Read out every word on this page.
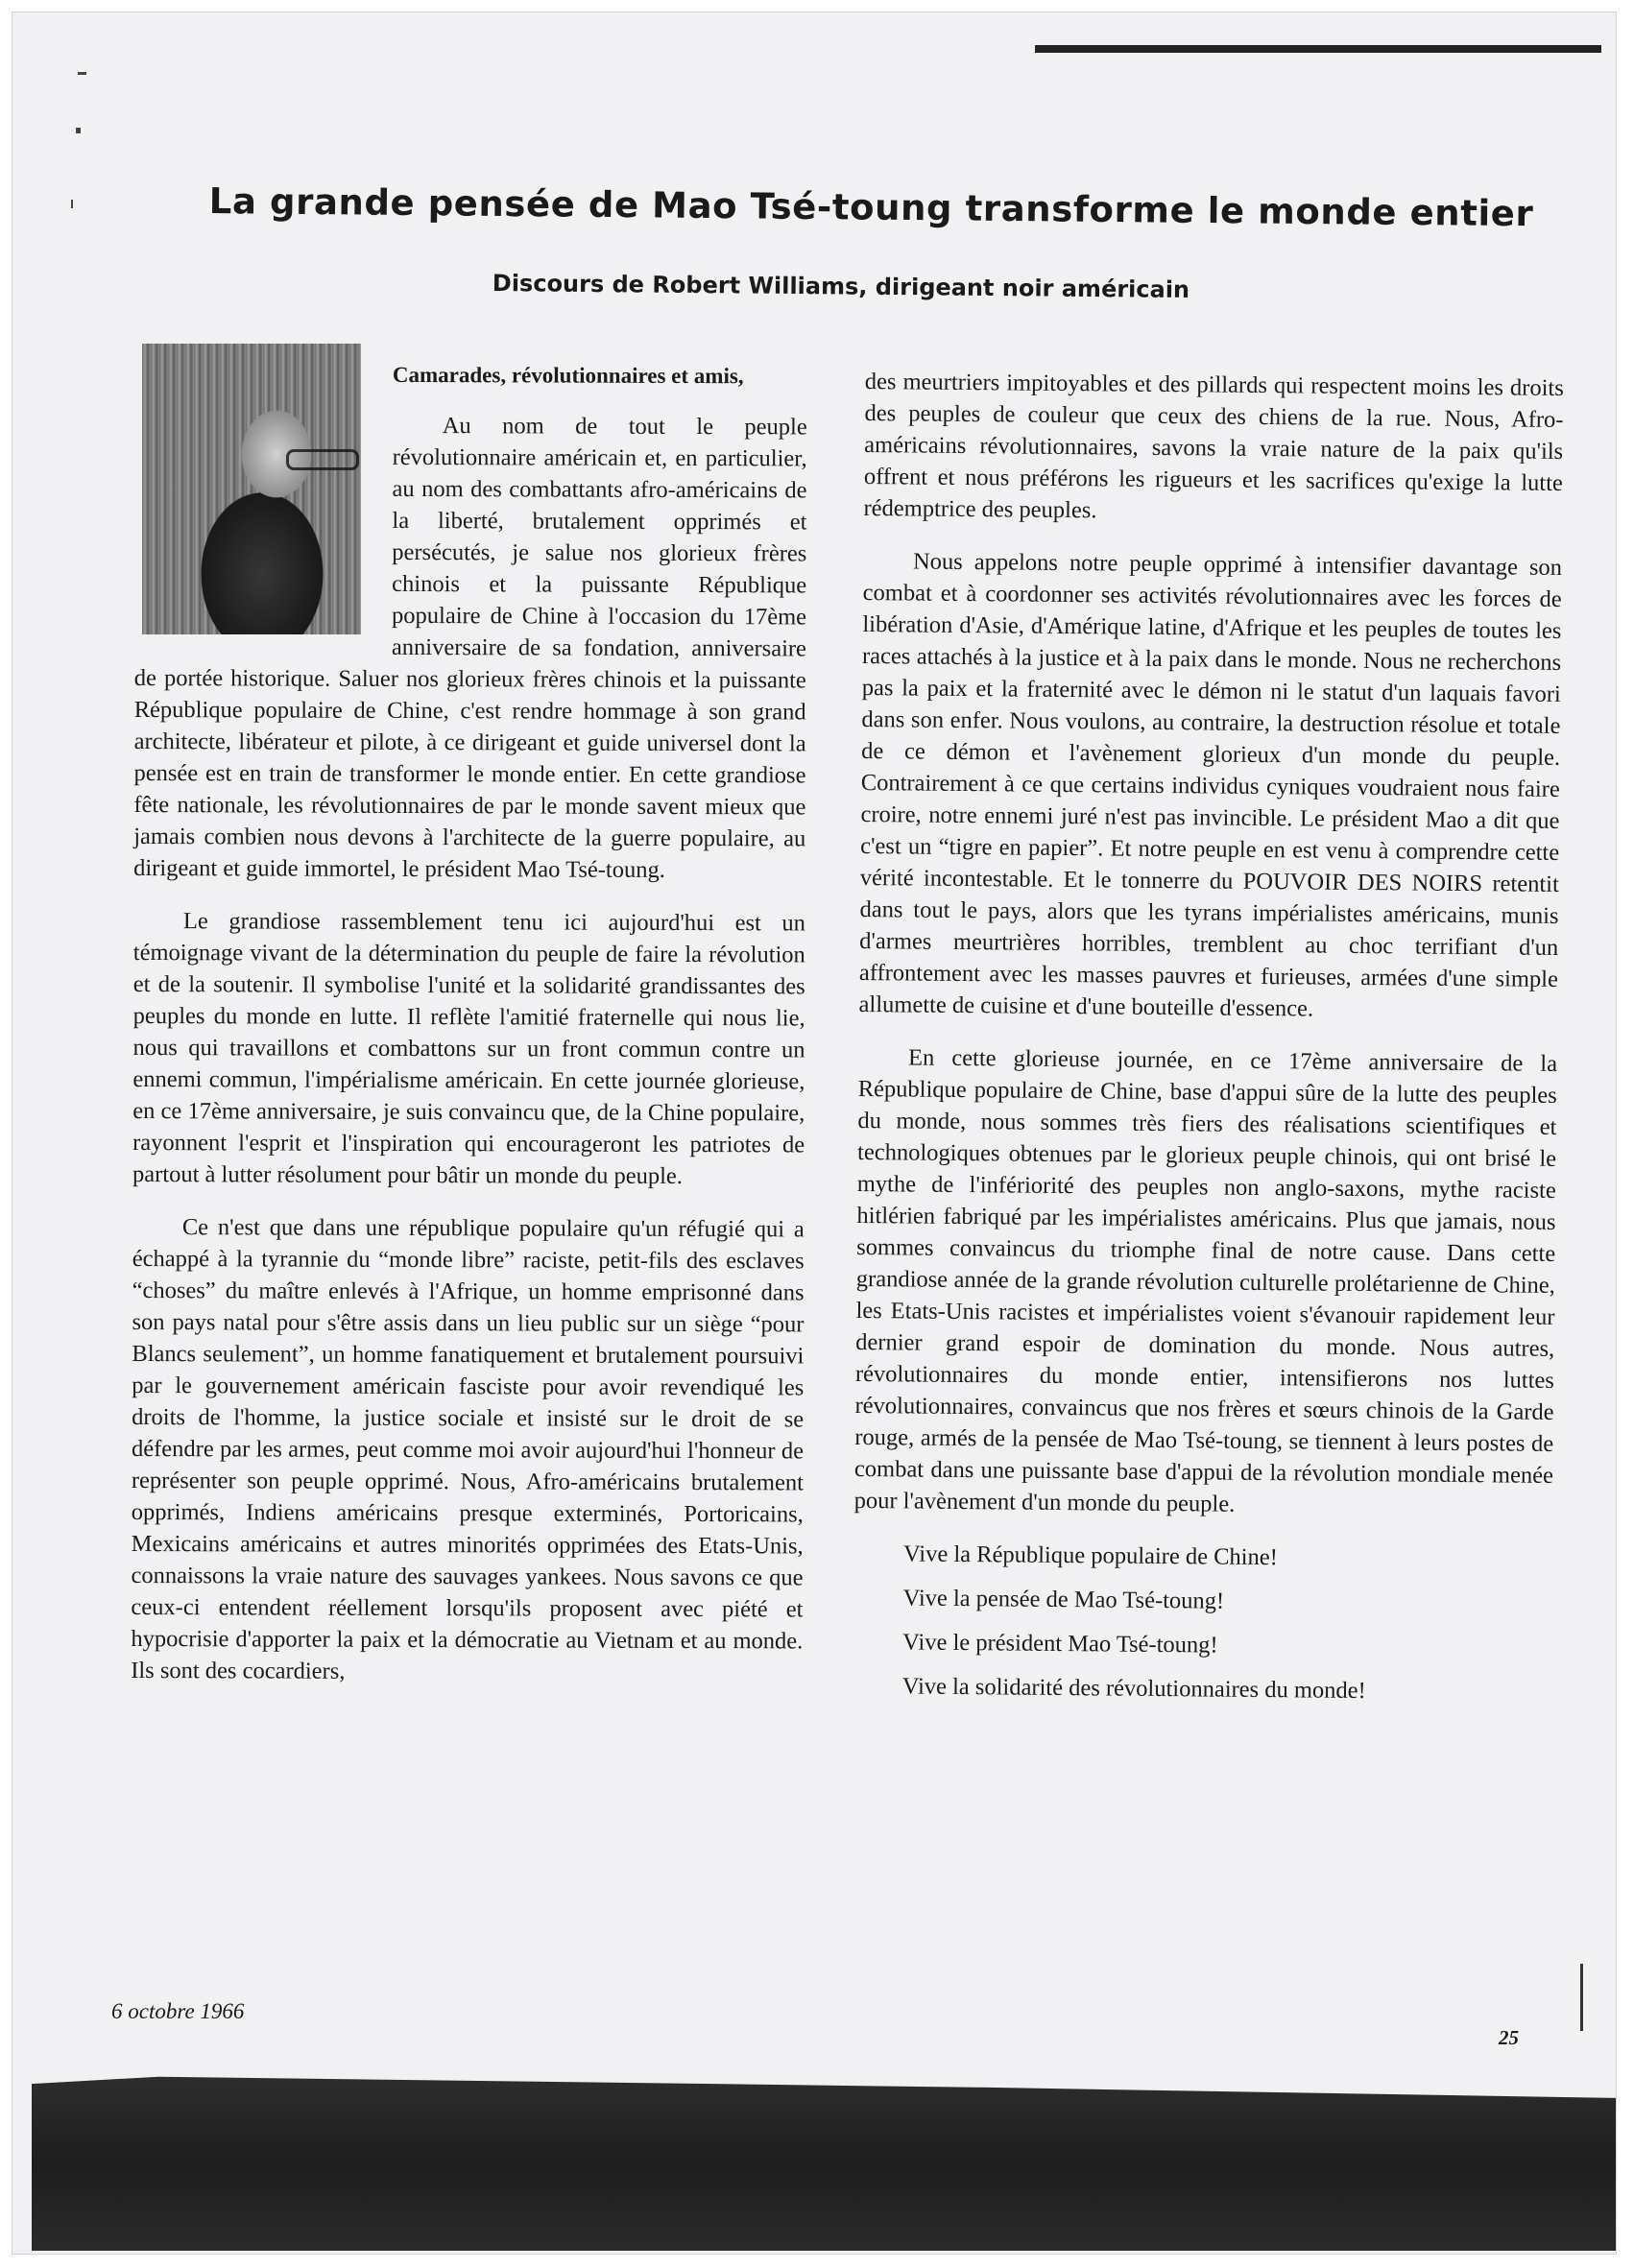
La grande pensée de Mao Tsé-toung transforme le monde entier
Discours de Robert Williams, dirigeant noir américain

Camarades, révolutionnaires et amis,

Au nom de tout le peuple révolutionnaire américain et, en particulier, au nom des combattants afro-américains de la liberté, brutalement opprimés et persécutés, je salue nos glorieux frères chinois et la puissante République populaire de Chine à l'occasion du 17ème anniversaire de sa fondation, anniversaire de portée historique. Saluer nos glorieux frères chinois et la puissante République populaire de Chine, c'est rendre hommage à son grand architecte, libérateur et pilote, à ce dirigeant et guide universel dont la pensée est en train de transformer le monde entier. En cette grandiose fête nationale, les révolutionnaires de par le monde savent mieux que jamais combien nous devons à l'architecte de la guerre populaire, au dirigeant et guide immortel, le président Mao Tsé-toung.

Le grandiose rassemblement tenu ici aujourd'hui est un témoignage vivant de la détermination du peuple de faire la révolution et de la soutenir. Il symbolise l'unité et la solidarité grandissantes des peuples du monde en lutte. Il reflète l'amitié fraternelle qui nous lie, nous qui travaillons et combattons sur un front commun contre un ennemi commun, l'impérialisme américain. En cette journée glorieuse, en ce 17ème anniversaire, je suis convaincu que, de la Chine populaire, rayonnent l'esprit et l'inspiration qui encourageront les patriotes de partout à lutter résolument pour bâtir un monde du peuple.

Ce n'est que dans une république populaire qu'un réfugié qui a échappé à la tyrannie du “monde libre” raciste, petit-fils des esclaves “choses” du maître enlevés à l'Afrique, un homme emprisonné dans son pays natal pour s'être assis dans un lieu public sur un siège “pour Blancs seulement”, un homme fanatiquement et brutalement poursuivi par le gouvernement américain fasciste pour avoir revendiqué les droits de l'homme, la justice sociale et insisté sur le droit de se défendre par les armes, peut comme moi avoir aujourd'hui l'honneur de représenter son peuple opprimé. Nous, Afro-américains brutalement opprimés, Indiens américains presque exterminés, Portoricains, Mexicains américains et autres minorités opprimées des Etats-Unis, connaissons la vraie nature des sauvages yankees. Nous savons ce que ceux-ci entendent réellement lorsqu'ils proposent avec piété et hypocrisie d'apporter la paix et la démocratie au Vietnam et au monde. Ils sont des cocardiers,

des meurtriers impitoyables et des pillards qui respectent moins les droits des peuples de couleur que ceux des chiens de la rue. Nous, Afro-américains révolutionnaires, savons la vraie nature de la paix qu'ils offrent et nous préférons les rigueurs et les sacrifices qu'exige la lutte rédemptrice des peuples.

Nous appelons notre peuple opprimé à intensifier davantage son combat et à coordonner ses activités révolutionnaires avec les forces de libération d'Asie, d'Amérique latine, d'Afrique et les peuples de toutes les races attachés à la justice et à la paix dans le monde. Nous ne recherchons pas la paix et la fraternité avec le démon ni le statut d'un laquais favori dans son enfer. Nous voulons, au contraire, la destruction résolue et totale de ce démon et l'avènement glorieux d'un monde du peuple. Contrairement à ce que certains individus cyniques voudraient nous faire croire, notre ennemi juré n'est pas invincible. Le président Mao a dit que c'est un “tigre en papier”. Et notre peuple en est venu à comprendre cette vérité incontestable. Et le tonnerre du POUVOIR DES NOIRS retentit dans tout le pays, alors que les tyrans impérialistes américains, munis d'armes meurtrières horribles, tremblent au choc terrifiant d'un affrontement avec les masses pauvres et furieuses, armées d'une simple allumette de cuisine et d'une bouteille d'essence.

En cette glorieuse journée, en ce 17ème anniversaire de la République populaire de Chine, base d'appui sûre de la lutte des peuples du monde, nous sommes très fiers des réalisations scientifiques et technologiques obtenues par le glorieux peuple chinois, qui ont brisé le mythe de l'infériorité des peuples non anglo-saxons, mythe raciste hitlérien fabriqué par les impérialistes américains. Plus que jamais, nous sommes convaincus du triomphe final de notre cause. Dans cette grandiose année de la grande révolution culturelle prolétarienne de Chine, les Etats-Unis racistes et impérialistes voient s'évanouir rapidement leur dernier grand espoir de domination du monde. Nous autres, révolutionnaires du monde entier, intensifierons nos luttes révolutionnaires, convaincus que nos frères et sœurs chinois de la Garde rouge, armés de la pensée de Mao Tsé-toung, se tiennent à leurs postes de combat dans une puissante base d'appui de la révolution mondiale menée pour l'avènement d'un monde du peuple.

Vive la République populaire de Chine!

Vive la pensée de Mao Tsé-toung!

Vive le président Mao Tsé-toung!

Vive la solidarité des révolutionnaires du monde!

6 octobre 1966
25
